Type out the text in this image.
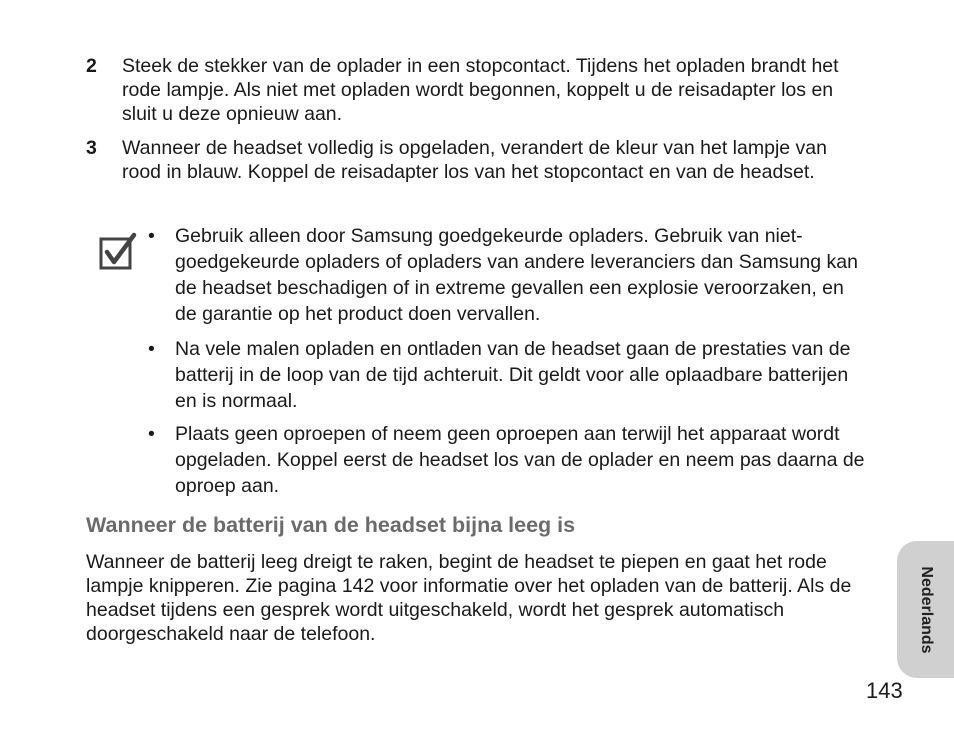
2 Steek de stekker van de oplader in een stopcontact. Tijdens het opladen brandt het rode lampje. Als niet met opladen wordt begonnen, koppelt u de reisadapter los en sluit u deze opnieuw aan.
3 Wanneer de headset volledig is opgeladen, verandert de kleur van het lampje van rood in blauw. Koppel de reisadapter los van het stopcontact en van de headset.
• Gebruik alleen door Samsung goedgekeurde opladers. Gebruik van niet-goedgekeurde opladers of opladers van andere leveranciers dan Samsung kan de headset beschadigen of in extreme gevallen een explosie veroorzaken, en de garantie op het product doen vervallen.
• Na vele malen opladen en ontladen van de headset gaan de prestaties van de batterij in de loop van de tijd achteruit. Dit geldt voor alle oplaadbare batterijen en is normaal.
• Plaats geen oproepen of neem geen oproepen aan terwijl het apparaat wordt opgeladen. Koppel eerst de headset los van de oplader en neem pas daarna de oproep aan.
Wanneer de batterij van de headset bijna leeg is
Wanneer de batterij leeg dreigt te raken, begint de headset te piepen en gaat het rode lampje knipperen. Zie pagina 142 voor informatie over het opladen van de batterij. Als de headset tijdens een gesprek wordt uitgeschakeld, wordt het gesprek automatisch doorgeschakeld naar de telefoon.	Nederlands
143
